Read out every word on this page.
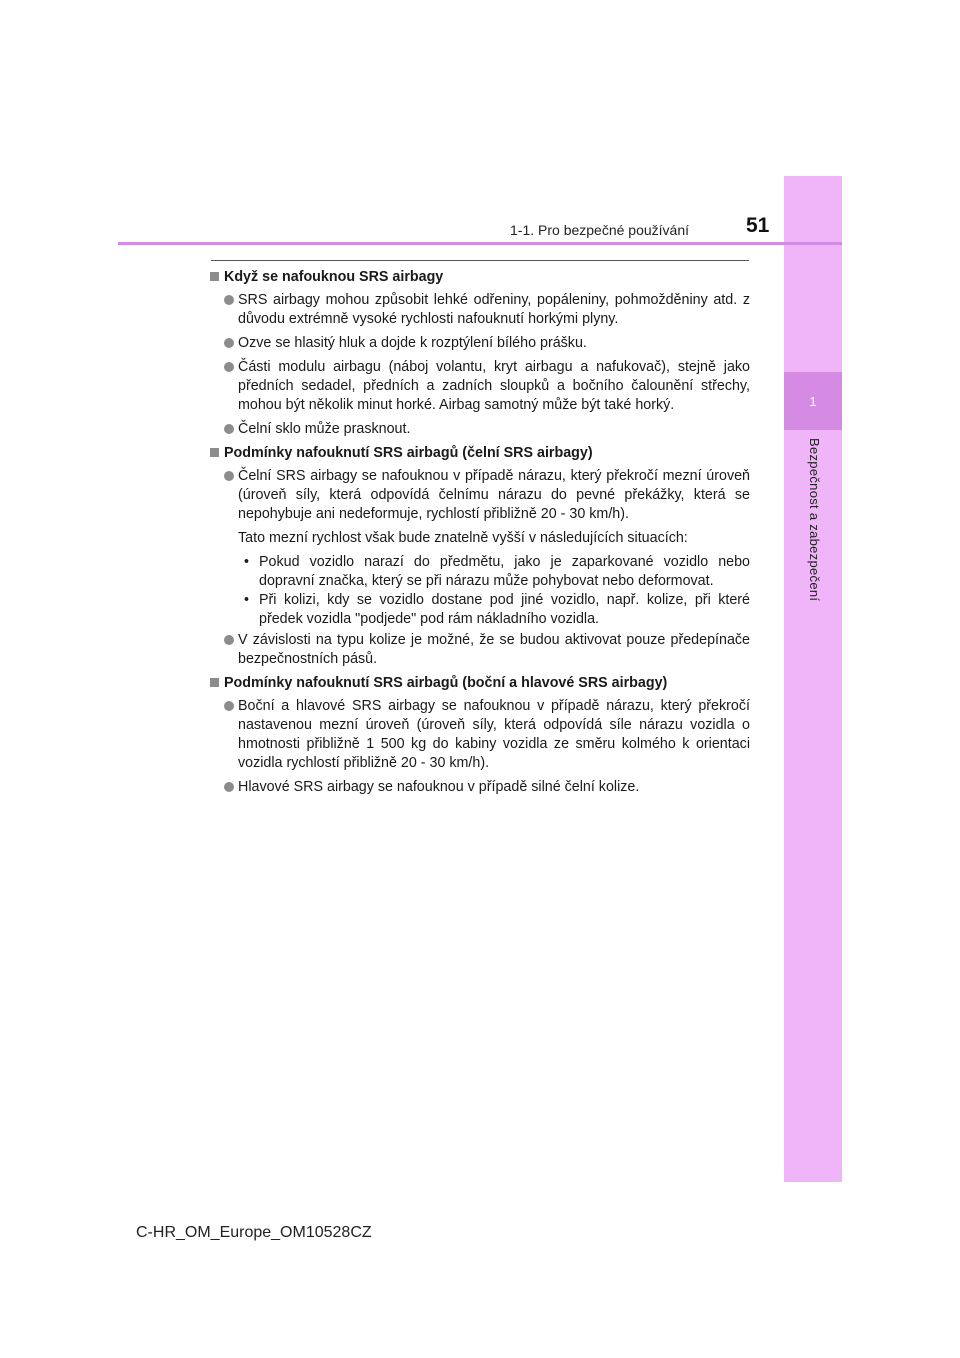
1
Bezpečnost a zabezpečení
1-1. Pro bezpečné používání	51
Když se nafouknou SRS airbagy
SRS airbagy mohou způsobit lehké odřeniny, popáleniny, pohmožděniny atd. z důvodu extrémně vysoké rychlosti nafouknutí horkými plyny.
Ozve se hlasitý hluk a dojde k rozptýlení bílého prášku.
Části modulu airbagu (náboj volantu, kryt airbagu a nafukovač), stejně jako předních sedadel, předních a zadních sloupků a bočního čalounění střechy, mohou být několik minut horké. Airbag samotný může být také horký.
Čelní sklo může prasknout.
Podmínky nafouknutí SRS airbagů (čelní SRS airbagy)
Čelní SRS airbagy se nafouknou v případě nárazu, který překročí mezní úroveň (úroveň síly, která odpovídá čelnímu nárazu do pevné překážky, která se nepohybuje ani nedeformuje, rychlostí přibližně 20 - 30 km/h).
Tato mezní rychlost však bude znatelně vyšší v následujících situacích:
• Pokud vozidlo narazí do předmětu, jako je zaparkované vozidlo nebo dopravní značka, který se při nárazu může pohybovat nebo deformovat.
• Při kolizi, kdy se vozidlo dostane pod jiné vozidlo, např. kolize, při které předek vozidla "podjede" pod rám nákladního vozidla.
V závislosti na typu kolize je možné, že se budou aktivovat pouze předepínače bezpečnostních pásů.
Podmínky nafouknutí SRS airbagů (boční a hlavové SRS airbagy)
Boční a hlavové SRS airbagy se nafouknou v případě nárazu, který překročí nastavenou mezní úroveň (úroveň síly, která odpovídá síle nárazu vozidla o hmotnosti přibližně 1 500 kg do kabiny vozidla ze směru kolmého k orientaci vozidla rychlostí přibližně 20 - 30 km/h).
Hlavové SRS airbagy se nafouknou v případě silné čelní kolize.
C-HR_OM_Europe_OM10528CZ
